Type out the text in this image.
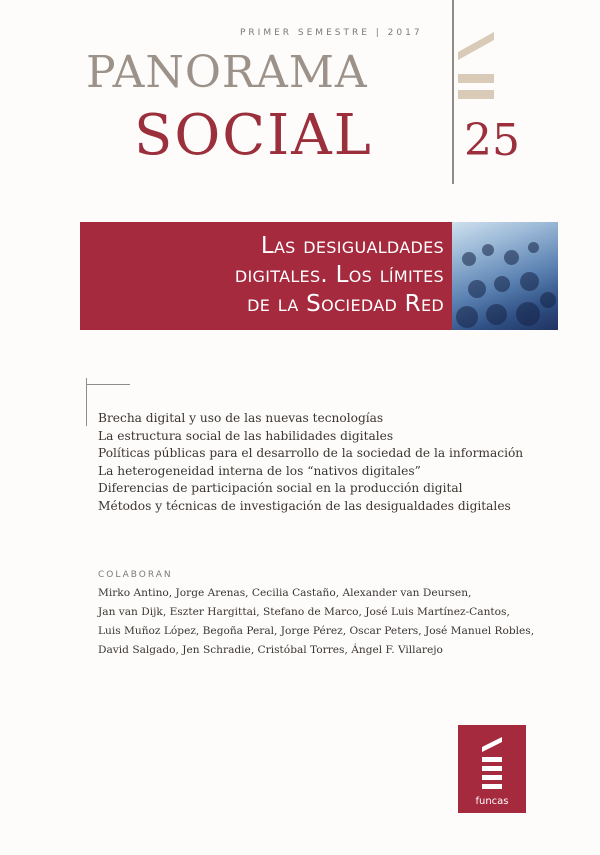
PRIMER SEMESTRE | 2017
PANORAMA
SOCIAL 25
Las desigualdades
digitales. Los límites
de la Sociedad Red
Brecha digital y uso de las nuevas tecnologías
La estructura social de las habilidades digitales
Políticas públicas para el desarrollo de la sociedad de la información
La heterogeneidad interna de los “nativos digitales”
Diferencias de participación social en la producción digital
Métodos y técnicas de investigación de las desigualdades digitales
COLABORAN
Mirko Antino, Jorge Arenas, Cecilia Castaño, Alexander van Deursen,
Jan van Dijk, Eszter Hargittai, Stefano de Marco, José Luis Martínez-Cantos,
Luis Muñoz López, Begoña Peral, Jorge Pérez, Oscar Peters, José Manuel Robles,
David Salgado, Jen Schradie, Cristóbal Torres, Ángel F. Villarejo
funcas
